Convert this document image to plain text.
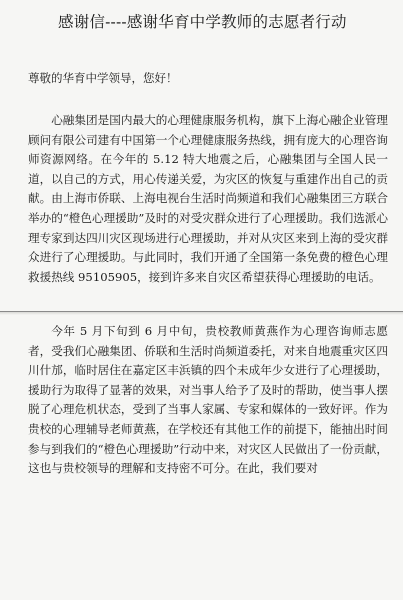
感谢信----感谢华育中学教师的志愿者行动
尊敬的华育中学领导，您好！

心融集团是国内最大的心理健康服务机构，旗下上海心融企业管理顾问有限公司建有中国第一个心理健康服务热线，拥有庞大的心理咨询师资源网络。在今年的 5.12 特大地震之后，心融集团与全国人民一道，以自己的方式，用心传递关爱，为灾区的恢复与重建作出自己的贡献。由上海市侨联、上海电视台生活时尚频道和我们心融集团三方联合举办的“橙色心理援助”及时的对受灾群众进行了心理援助。我们选派心理专家到达四川灾区现场进行心理援助，并对从灾区来到上海的受灾群众进行了心理援助。与此同时，我们开通了全国第一条免费的橙色心理救援热线 95105905，接到许多来自灾区希望获得心理援助的电话。

今年 5 月下旬到 6 月中旬，贵校教师黄燕作为心理咨询师志愿者，受我们心融集团、侨联和生活时尚频道委托，对来自地震重灾区四川什邡，临时居住在嘉定区丰浜镇的四个未成年少女进行了心理援助，援助行为取得了显著的效果，对当事人给予了及时的帮助，使当事人摆脱了心理危机状态，受到了当事人家属、专家和媒体的一致好评。作为贵校的心理辅导老师黄燕，在学校还有其他工作的前提下，能抽出时间参与到我们的“橙色心理援助”行动中来，对灾区人民做出了一份贡献，这也与贵校领导的理解和支持密不可分。在此，我们要对
